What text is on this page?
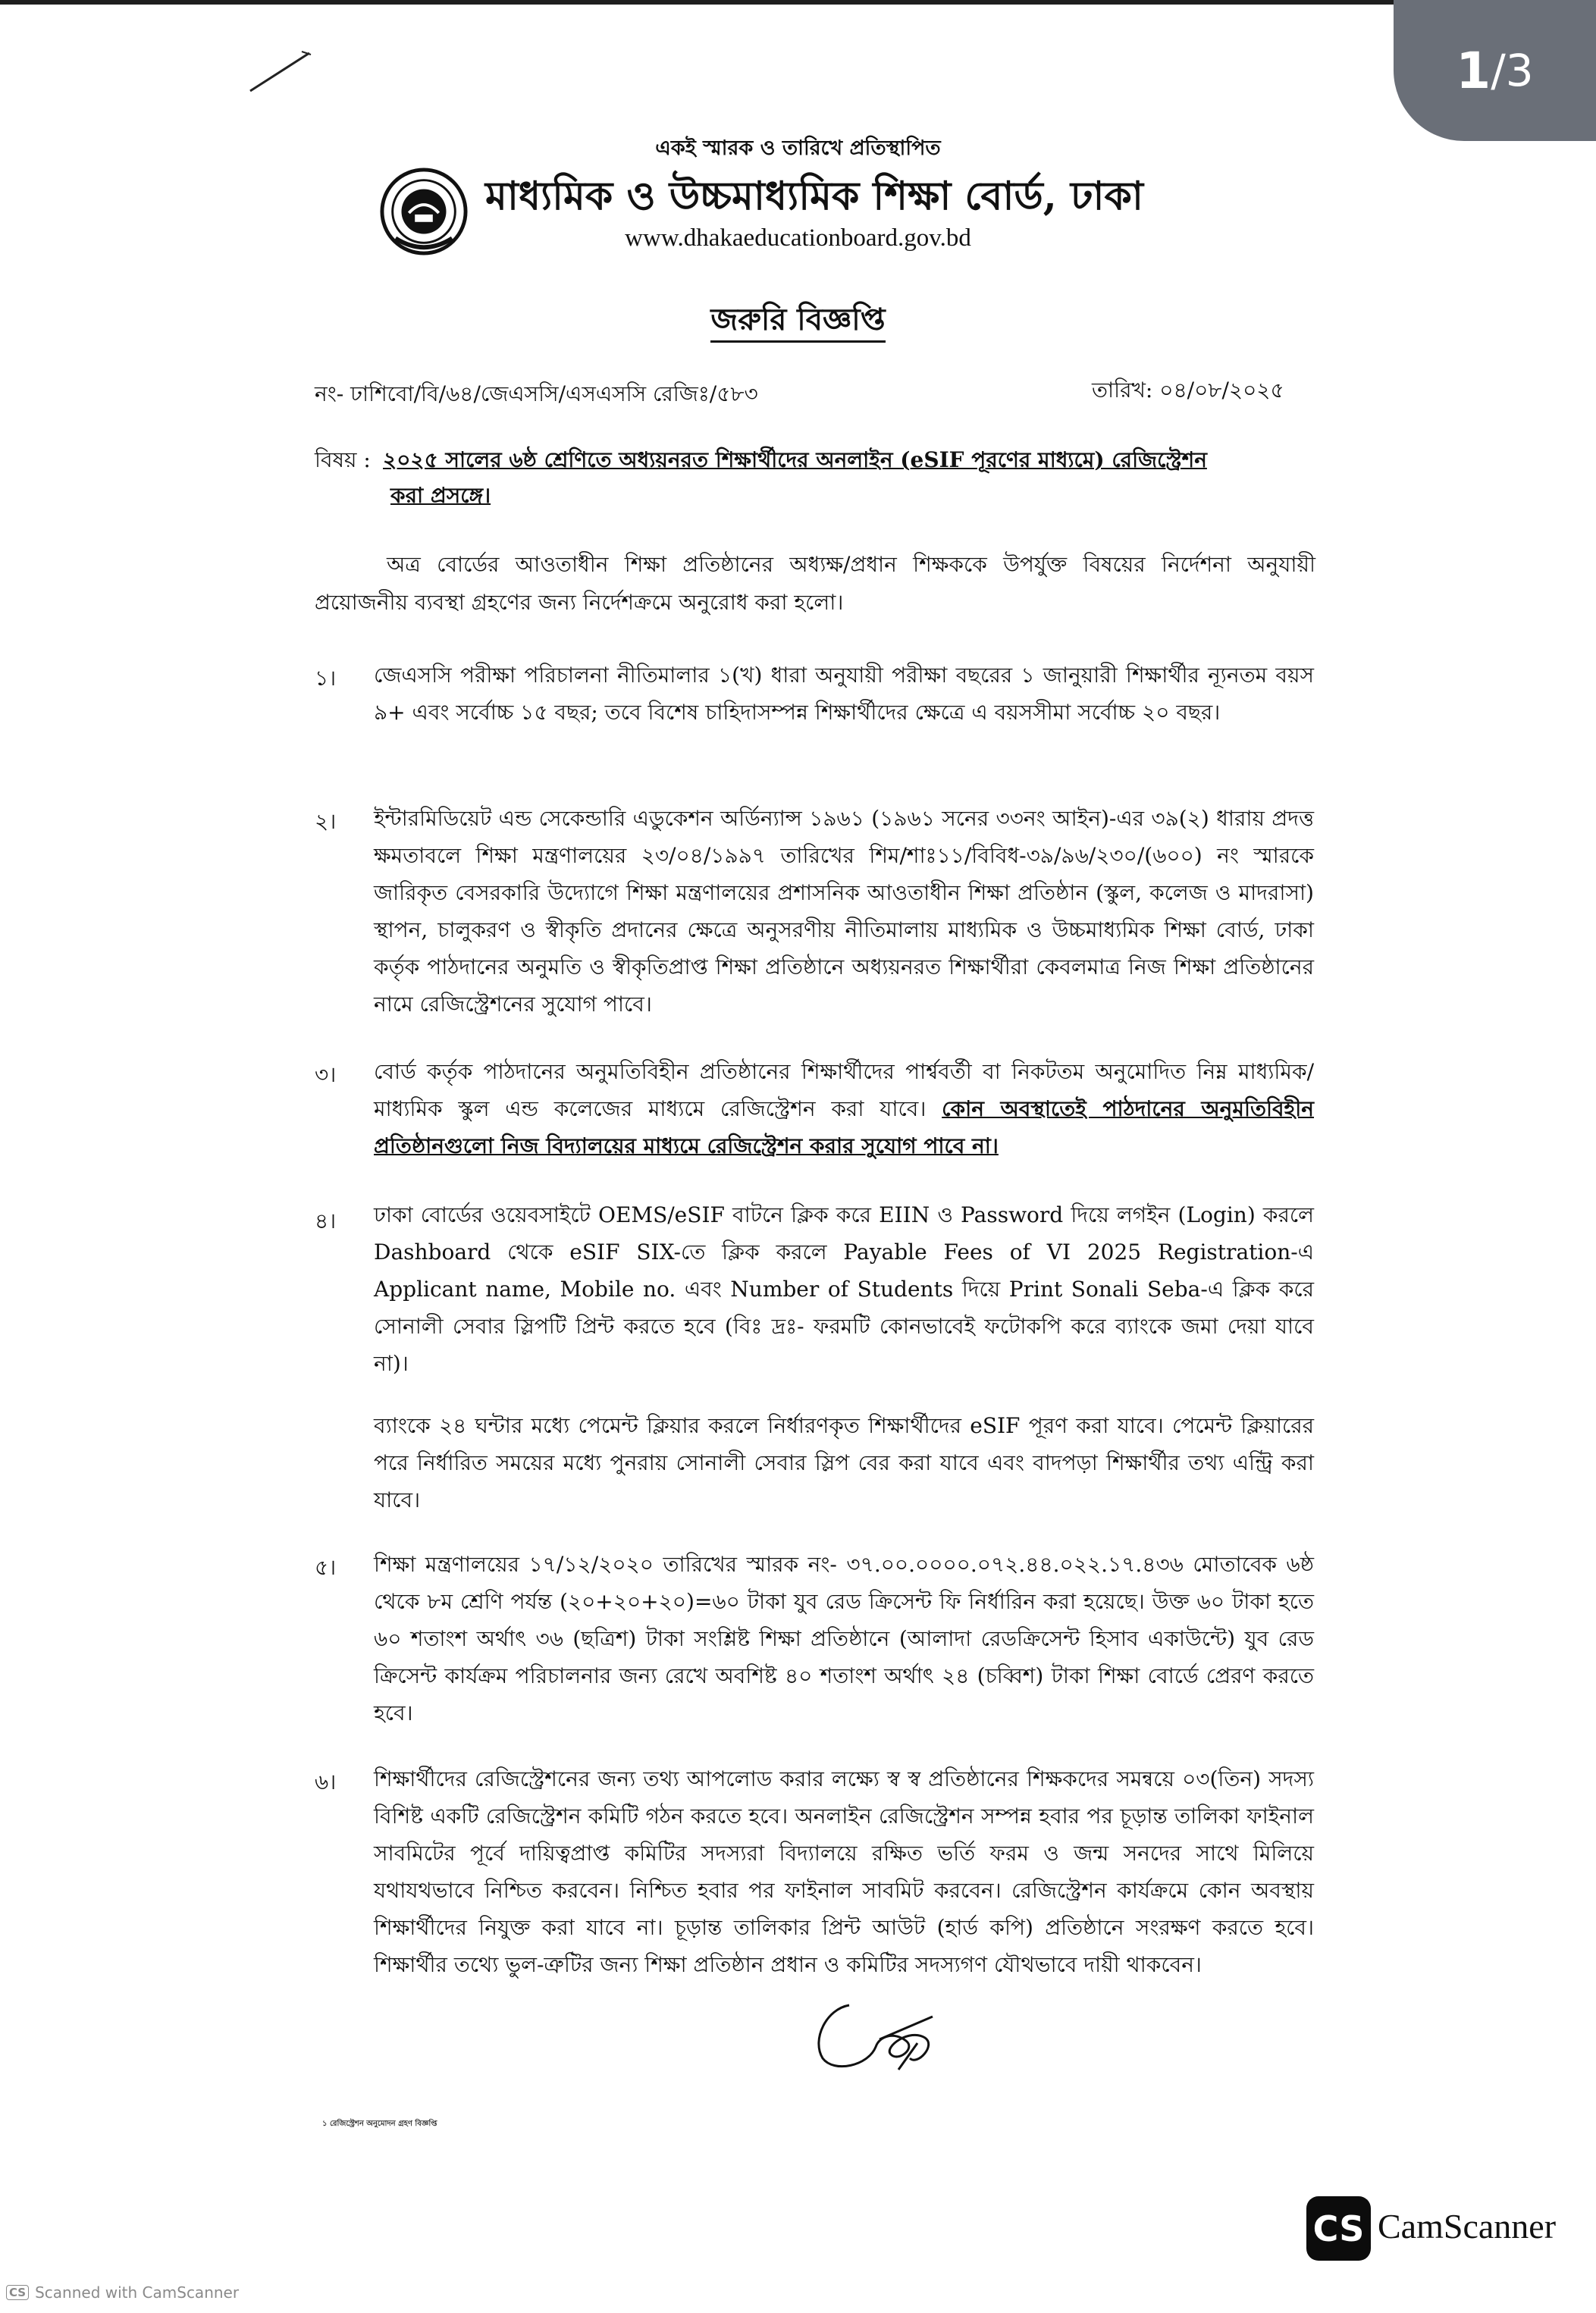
1 / 3
একই স্মারক ও তারিখে প্রতিস্থাপিত
মাধ্যমিক ও উচ্চমাধ্যমিক শিক্ষা বোর্ড, ঢাকা
www.dhakaeducationboard.gov.bd
জরুরি বিজ্ঞপ্তি
নং- ঢাশিবো/বি/৬৪/জেএসসি/এসএসসি রেজিঃ/৫৮৩	তারিখ: ০৪/০৮/২০২৫
বিষয় : ২০২৫ সালের ৬ষ্ঠ শ্রেণিতে অধ্যয়নরত শিক্ষার্থীদের অনলাইন (eSIF পূরণের মাধ্যমে) রেজিস্ট্রেশন
করা প্রসঙ্গে।
অত্র বোর্ডের আওতাধীন শিক্ষা প্রতিষ্ঠানের অধ্যক্ষ/প্রধান শিক্ষককে উপর্যুক্ত বিষয়ের নির্দেশনা অনুযায়ী প্রয়োজনীয় ব্যবস্থা গ্রহণের জন্য নির্দেশক্রমে অনুরোধ করা হলো।
১। জেএসসি পরীক্ষা পরিচালনা নীতিমালার ১(খ) ধারা অনুযায়ী পরীক্ষা বছরের ১ জানুয়ারী শিক্ষার্থীর ন্যূনতম বয়স ৯+ এবং সর্বোচ্চ ১৫ বছর; তবে বিশেষ চাহিদাসম্পন্ন শিক্ষার্থীদের ক্ষেত্রে এ বয়সসীমা সর্বোচ্চ ২০ বছর।
২। ইন্টারমিডিয়েট এন্ড সেকেন্ডারি এডুকেশন অর্ডিন্যান্স ১৯৬১ (১৯৬১ সনের ৩৩নং আইন)-এর ৩৯(২) ধারায় প্রদত্ত ক্ষমতাবলে শিক্ষা মন্ত্রণালয়ের ২৩/০৪/১৯৯৭ তারিখের শিম/শাঃ১১/বিবিধ-৩৯/৯৬/২৩০/(৬০০) নং স্মারকে জারিকৃত বেসরকারি উদ্যোগে শিক্ষা মন্ত্রণালয়ের প্রশাসনিক আওতাধীন শিক্ষা প্রতিষ্ঠান (স্কুল, কলেজ ও মাদরাসা) স্থাপন, চালুকরণ ও স্বীকৃতি প্রদানের ক্ষেত্রে অনুসরণীয় নীতিমালায় মাধ্যমিক ও উচ্চমাধ্যমিক শিক্ষা বোর্ড, ঢাকা কর্তৃক পাঠদানের অনুমতি ও স্বীকৃতিপ্রাপ্ত শিক্ষা প্রতিষ্ঠানে অধ্যয়নরত শিক্ষার্থীরা কেবলমাত্র নিজ শিক্ষা প্রতিষ্ঠানের নামে রেজিস্ট্রেশনের সুযোগ পাবে।
৩। বোর্ড কর্তৃক পাঠদানের অনুমতিবিহীন প্রতিষ্ঠানের শিক্ষার্থীদের পার্শ্ববর্তী বা নিকটতম অনুমোদিত নিম্ন মাধ্যমিক/মাধ্যমিক স্কুল এন্ড কলেজের মাধ্যমে রেজিস্ট্রেশন করা যাবে। কোন অবস্থাতেই পাঠদানের অনুমতিবিহীন প্রতিষ্ঠানগুলো নিজ বিদ্যালয়ের মাধ্যমে রেজিস্ট্রেশন করার সুযোগ পাবে না।
৪। ঢাকা বোর্ডের ওয়েবসাইটে OEMS/eSIF বাটনে ক্লিক করে EIIN ও Password দিয়ে লগইন (Login) করলে Dashboard থেকে eSIF SIX-তে ক্লিক করলে Payable Fees of VI 2025 Registration-এ Applicant name, Mobile no. এবং Number of Students দিয়ে Print Sonali Seba-এ ক্লিক করে সোনালী সেবার স্লিপটি প্রিন্ট করতে হবে (বিঃ দ্রঃ- ফরমটি কোনভাবেই ফটোকপি করে ব্যাংকে জমা দেয়া যাবে না)।
ব্যাংকে ২৪ ঘন্টার মধ্যে পেমেন্ট ক্লিয়ার করলে নির্ধারণকৃত শিক্ষার্থীদের eSIF পূরণ করা যাবে। পেমেন্ট ক্লিয়ারের পরে নির্ধারিত সময়ের মধ্যে পুনরায় সোনালী সেবার স্লিপ বের করা যাবে এবং বাদপড়া শিক্ষার্থীর তথ্য এন্ট্রি করা যাবে।
৫। শিক্ষা মন্ত্রণালয়ের ১৭/১২/২০২০ তারিখের স্মারক নং- ৩৭.০০.০০০০.০৭২.৪৪.০২২.১৭.৪৩৬ মোতাবেক ৬ষ্ঠ থেকে ৮ম শ্রেণি পর্যন্ত (২০+২০+২০)=৬০ টাকা যুব রেড ক্রিসেন্ট ফি নির্ধারিন করা হয়েছে। উক্ত ৬০ টাকা হতে ৬০ শতাংশ অর্থাৎ ৩৬ (ছত্রিশ) টাকা সংশ্লিষ্ট শিক্ষা প্রতিষ্ঠানে (আলাদা রেডক্রিসেন্ট হিসাব একাউন্টে) যুব রেড ক্রিসেন্ট কার্যক্রম পরিচালনার জন্য রেখে অবশিষ্ট ৪০ শতাংশ অর্থাৎ ২৪ (চব্বিশ) টাকা শিক্ষা বোর্ডে প্রেরণ করতে হবে।
৬। শিক্ষার্থীদের রেজিস্ট্রেশনের জন্য তথ্য আপলোড করার লক্ষ্যে স্ব স্ব প্রতিষ্ঠানের শিক্ষকদের সমন্বয়ে ০৩(তিন) সদস্য বিশিষ্ট একটি রেজিস্ট্রেশন কমিটি গঠন করতে হবে। অনলাইন রেজিস্ট্রেশন সম্পন্ন হবার পর চূড়ান্ত তালিকা ফাইনাল সাবমিটের পূর্বে দায়িত্বপ্রাপ্ত কমিটির সদস্যরা বিদ্যালয়ে রক্ষিত ভর্তি ফরম ও জন্ম সনদের সাথে মিলিয়ে যথাযথভাবে নিশ্চিত করবেন। নিশ্চিত হবার পর ফাইনাল সাবমিট করবেন। রেজিস্ট্রেশন কার্যক্রমে কোন অবস্থায় শিক্ষার্থীদের নিযুক্ত করা যাবে না। চূড়ান্ত তালিকার প্রিন্ট আউট (হার্ড কপি) প্রতিষ্ঠানে সংরক্ষণ করতে হবে। শিক্ষার্থীর তথ্যে ভুল-ত্রুটির জন্য শিক্ষা প্রতিষ্ঠান প্রধান ও কমিটির সদস্যগণ যৌথভাবে দায়ী থাকবেন।
১ রেজিস্ট্রেশন অনুমোদন গ্রহণ বিজ্ঞপ্তি
CS CamScanner
CS Scanned with CamScanner
